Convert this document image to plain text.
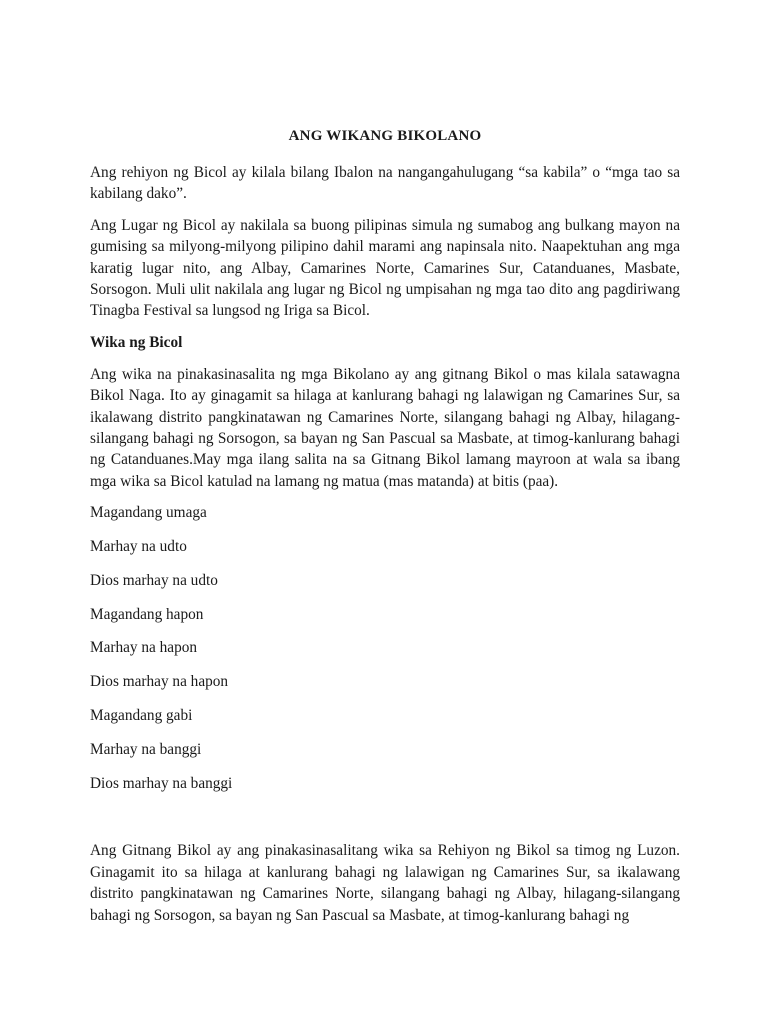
ANG WIKANG BIKOLANO

Ang rehiyon ng Bicol ay kilala bilang Ibalon na nangangahulugang “sa kabila” o “mga tao sa kabilang dako”.

Ang Lugar ng Bicol ay nakilala sa buong pilipinas simula ng sumabog ang bulkang mayon na gumising sa milyong-milyong pilipino dahil marami ang napinsala nito. Naapektuhan ang mga karatig lugar nito, ang Albay, Camarines Norte, Camarines Sur, Catanduanes, Masbate, Sorsogon. Muli ulit nakilala ang lugar ng Bicol ng umpisahan ng mga tao dito ang pagdiriwang Tinagba Festival sa lungsod ng Iriga sa Bicol.

Wika ng Bicol

Ang wika na pinakasinasalita ng mga Bikolano ay ang gitnang Bikol o mas kilala satawagna Bikol Naga. Ito ay ginagamit sa hilaga at kanlurang bahagi ng lalawigan ng Camarines Sur, sa ikalawang distrito pangkinatawan ng Camarines Norte, silangang bahagi ng Albay, hilagang-silangang bahagi ng Sorsogon, sa bayan ng San Pascual sa Masbate, at timog-kanlurang bahagi ng Catanduanes.May mga ilang salita na sa Gitnang Bikol lamang mayroon at wala sa ibang mga wika sa Bicol katulad na lamang ng matua (mas matanda) at bitis (paa).

Magandang umaga

Marhay na udto

Dios marhay na udto

Magandang hapon

Marhay na hapon

Dios marhay na hapon

Magandang gabi

Marhay na banggi

Dios marhay na banggi

Ang Gitnang Bikol ay ang pinakasinasalitang wika sa Rehiyon ng Bikol sa timog ng Luzon. Ginagamit ito sa hilaga at kanlurang bahagi ng lalawigan ng Camarines Sur, sa ikalawang distrito pangkinatawan ng Camarines Norte, silangang bahagi ng Albay, hilagang-silangang bahagi ng Sorsogon, sa bayan ng San Pascual sa Masbate, at timog-kanlurang bahagi ng
